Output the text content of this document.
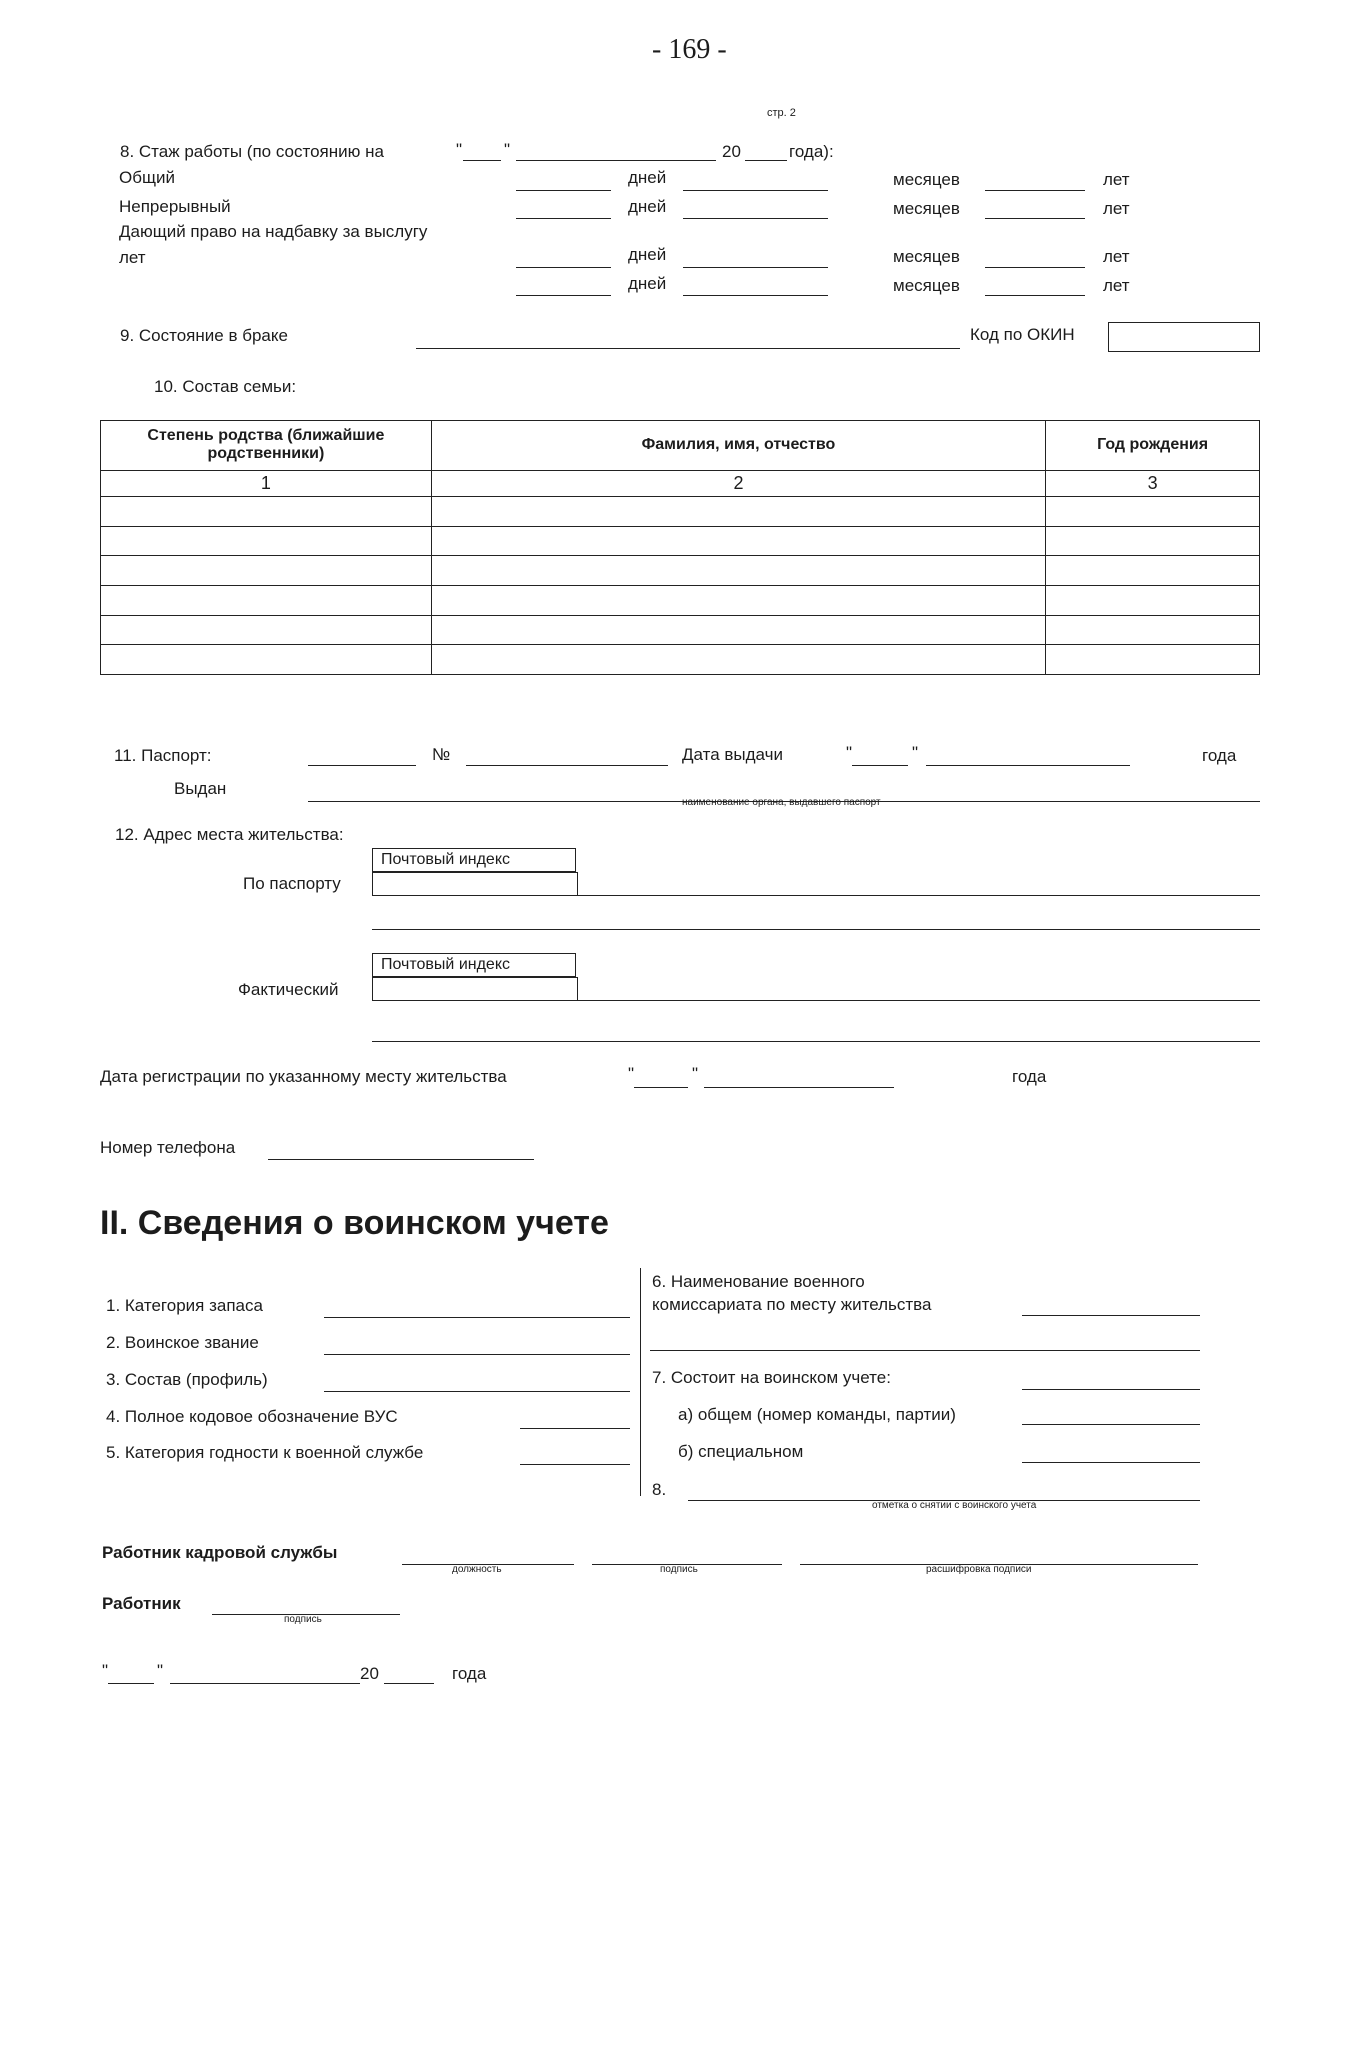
- 169 -
стр. 2
8. Стаж работы (по состоянию на	" "	20	года):
Общий	дней	месяцев	лет
Непрерывный	дней	месяцев	лет
Дающий право на надбавку за выслугу
дней	месяцев	лет
лет
дней	месяцев	лет
9. Состояние в браке	Код по ОКИН
10. Состав семьи:
Степень родства (ближайшие родственники)	Фамилия, имя, отчество	Год рождения
1	2	3

11. Паспорт:	№	Дата выдачи	"	"	года
Выдан
наименование органа, выдавшего паспорт
12. Адрес места жительства:
Почтовый индекс
По паспорту
Почтовый индекс
Фактический
Дата регистрации по указанному месту жительства	"	"	года
Номер телефона
II. Сведения о воинском учете
1. Категория запаса
2. Воинское звание
3. Состав (профиль)
4. Полное кодовое обозначение ВУС
5. Категория годности к военной службе
6. Наименование военного
комиссариата по месту жительства
7. Состоит на воинском учете:
а) общем (номер команды, партии)
б) специальном
8.
отметка о снятии с воинского учета
Работник кадровой службы
должность	подпись	расшифровка подписи
Работник
подпись
"	"	20	года
